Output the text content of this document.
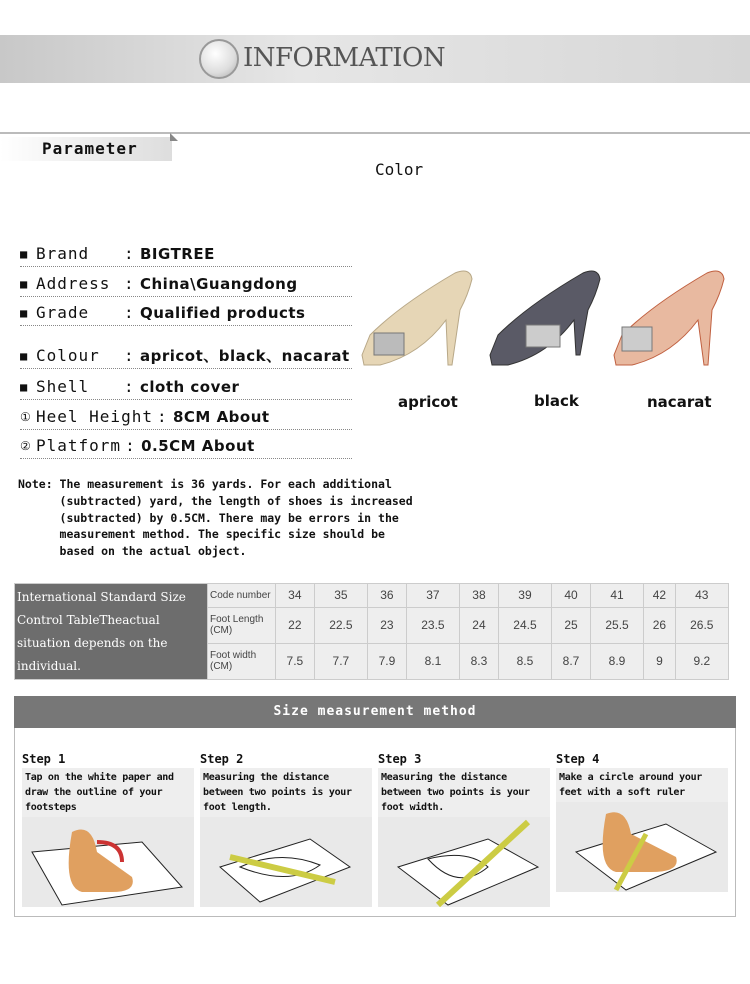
INFORMATION
Parameter
Color
■ Brand	: BIGTREE
■ Address : China\Guangdong
■ Grade	: Qualified products
■ Colour	: apricot、black、nacarat
■ Shell	: cloth cover
① Heel Height : 8CM About
② Platform : 0.5CM About
apricot	black	nacarat
Note: The measurement is 36 yards. For each additional
(subtracted) yard, the length of shoes is increased
(subtracted) by 0.5CM. There may be errors in the
measurement method. The specific size should be
based on the actual object.
International Standard Size Control TableTheactual situation depends on the individual.	Code number	34	35	36	37	38	39	40	41	42	43
	Foot Length (CM)	22	22.5	23	23.5	24	24.5	25	25.5	26	26.5
	Foot width (CM)	7.5	7.7	7.9	8.1	8.3	8.5	8.7	8.9	9	9.2
Size measurement method
Step 1
Tap on the white paper and draw the outline of your footsteps
Step 2
Measuring the distance between two points is your foot length.
Step 3
Measuring the distance between two points is your foot width.
Step 4
Make a circle around your feet with a soft ruler
